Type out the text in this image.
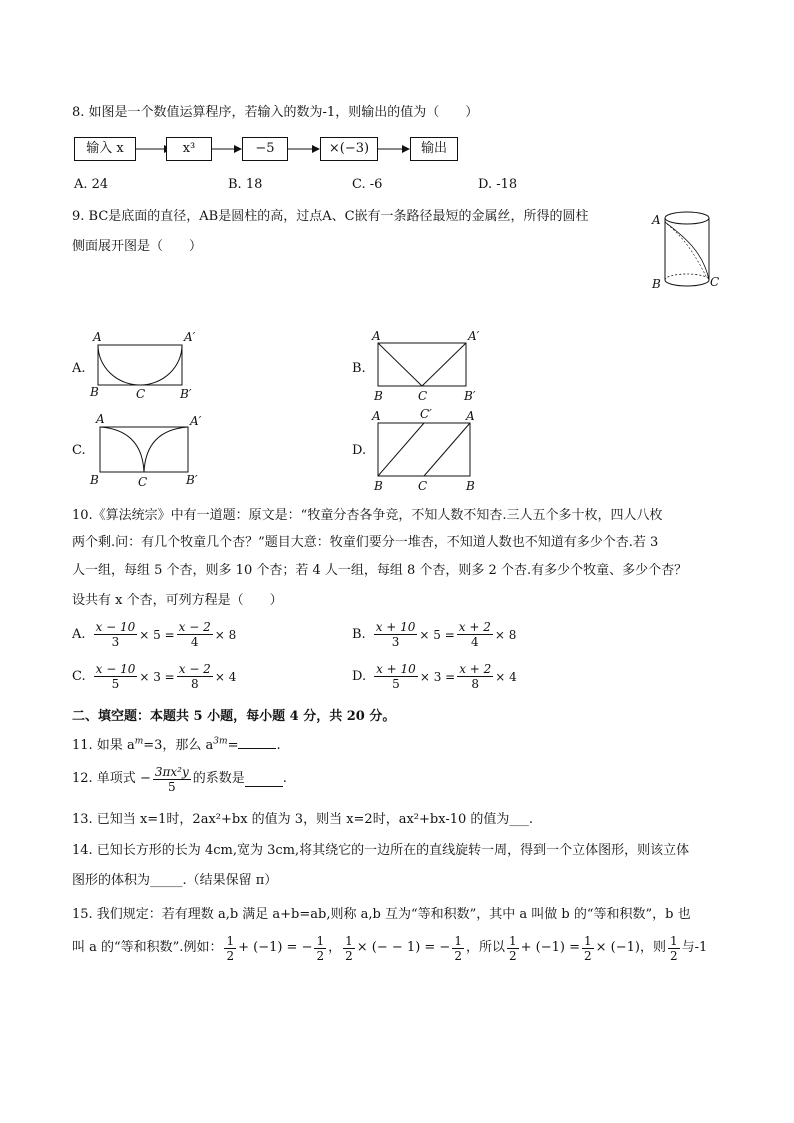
8. 如图是一个数值运算程序，若输入的数为-1，则输出的值为（　　）
输入 x	x³	−5	×(−3)	输出
A. 24	B. 18	C. -6	D. -18
9. BC是底面的直径，AB是圆柱的高，过点A、C嵌有一条路径最短的金属丝，所得的圆柱
侧面展开图是（　　）
A
B	C
A.
A	A′
B	C	B′
B.
A	A′
B	C	B′
C.
A	A′
B	C	B′
D.
A	C′	A
B	C	B
10.《算法统宗》中有一道题：原文是：“牧童分杏各争竞，不知人数不知杏.三人五个多十枚，四人八枚
两个剩.问：有几个牧童几个杏？”题目大意：牧童们要分一堆杏，不知道人数也不知道有多少个杏.若 3
人一组，每组 5 个杏，则多 10 个杏；若 4 人一组，每组 8 个杏，则多 2 个杏.有多少个牧童、多少个杏？
设共有 x 个杏，可列方程是（　　）
A. $\frac{x - 10}{3} \times 5 = \frac{x - 2}{4} \times 8$	B. $\frac{x + 10}{3} \times 5 = \frac{x + 2}{4} \times 8$
C. $\frac{x - 10}{5} \times 3 = \frac{x - 2}{8} \times 4$	D. $\frac{x + 10}{5} \times 3 = \frac{x + 2}{8} \times 4$
二、填空题：本题共 5 小题，每小题 4 分，共 20 分。
11. 如果 $a^m=3$，那么 $a^{3m}=$	.
12. 单项式 − $\frac{\text{3πx²y}}{5}$ 的系数是	.
13. 已知当 x=1时，2ax²+bx 的值为 3，则当 x=2时，ax²+bx-10 的值为___.
14. 已知长方形的长为 4cm,宽为 3cm,将其绕它的一边所在的直线旋转一周，得到一个立体图形，则该立体
图形的体积为_____.（结果保留 π）
15. 我们规定：若有理数 a,b 满足 a+b=ab,则称 a,b 互为“等和积数”，其中 a 叫做 b 的“等和积数”，b 也
叫 a 的“等和积数”.例如： $\frac{1}{2} + (-1)$ = − $\frac{1}{2}$ ， $\frac{1}{2}$ × (− − 1) = − $\frac{1}{2}$ ，所以 $\frac{1}{2} + (-1) = \frac{1}{2} \times (-1)$，则 $\frac{1}{2}$ 与-1
